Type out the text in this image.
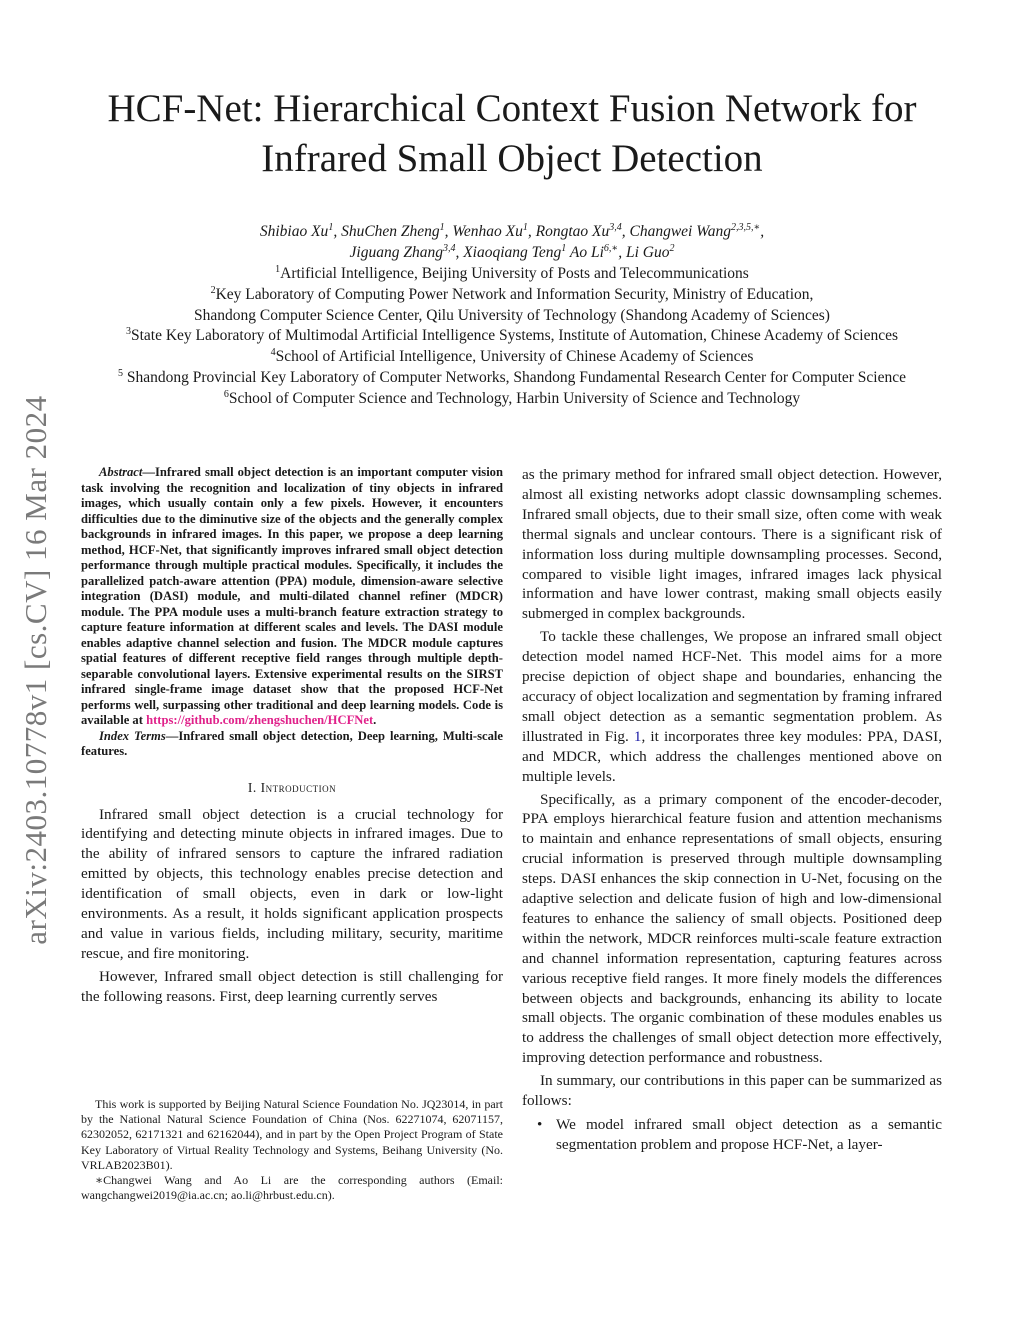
arXiv:2403.10778v1 [cs.CV] 16 Mar 2024
HCF-Net: Hierarchical Context Fusion Network for
Infrared Small Object Detection
Shibiao Xu$^1$, ShuChen Zheng$^1$, Wenhao Xu$^1$, Rongtao Xu$^{3,4}$, Changwei Wang$^{2,3,5,∗}$,
Jiguang Zhang$^{3,4}$, Xiaoqiang Teng$^1$ Ao $Li^{6,∗}$, Li Guo$^2$
$^1$Artificial Intelligence, Beijing University of Posts and Telecommunications
$^2$Key Laboratory of Computing Power Network and Information Security, Ministry of Education,
Shandong Computer Science Center, Qilu University of Technology (Shandong Academy of Sciences)
$^3$State Key Laboratory of Multimodal Artificial Intelligence Systems, Institute of Automation, Chinese Academy of Sciences
$^4$School of Artificial Intelligence, University of Chinese Academy of Sciences
$^5$ Shandong Provincial Key Laboratory of Computer Networks, Shandong Fundamental Research Center for Computer Science
$^6$School of Computer Science and Technology, Harbin University of Science and Technology
Abstract—Infrared small object detection is an important computer vision task involving the recognition and localization of tiny objects in infrared images, which usually contain only a few pixels. However, it encounters difficulties due to the diminutive size of the objects and the generally complex backgrounds in infrared images. In this paper, we propose a deep learning method, HCF-Net, that significantly improves infrared small object detection performance through multiple practical modules. Specifically, it includes the parallelized patch-aware attention (PPA) module, dimension-aware selective integration (DASI) module, and multi-dilated channel refiner (MDCR) module. The PPA module uses a multi-branch feature extraction strategy to capture feature information at different scales and levels. The DASI module enables adaptive channel selection and fusion. The MDCR module captures spatial features of different receptive field ranges through multiple depth-separable convolutional layers. Extensive experimental results on the SIRST infrared single-frame image dataset show that the proposed HCF-Net performs well, surpassing other traditional and deep learning models. Code is available at https://github.com/zhengshuchen/HCFNet.
Index Terms—Infrared small object detection, Deep learning, Multi-scale features.
I. Introduction

Infrared small object detection is a crucial technology for identifying and detecting minute objects in infrared images. Due to the ability of infrared sensors to capture the infrared radiation emitted by objects, this technology enables precise detection and identification of small objects, even in dark or low-light environments. As a result, it holds significant application prospects and value in various fields, including military, security, maritime rescue, and fire monitoring.

However, Infrared small object detection is still challenging for the following reasons. First, deep learning currently serves

This work is supported by Beijing Natural Science Foundation No. JQ23014, in part by the National Natural Science Foundation of China (Nos. 62271074, 62071157, 62302052, 62171321 and 62162044), and in part by the Open Project Program of State Key Laboratory of Virtual Reality Technology and Systems, Beihang University (No. VRLAB2023B01).

∗Changwei Wang and Ao Li are the corresponding authors (Email: wangchangwei2019@ia.ac.cn; ao.li@hrbust.edu.cn).

as the primary method for infrared small object detection. However, almost all existing networks adopt classic downsampling schemes. Infrared small objects, due to their small size, often come with weak thermal signals and unclear contours. There is a significant risk of information loss during multiple downsampling processes. Second, compared to visible light images, infrared images lack physical information and have lower contrast, making small objects easily submerged in complex backgrounds.

To tackle these challenges, We propose an infrared small object detection model named HCF-Net. This model aims for a more precise depiction of object shape and boundaries, enhancing the accuracy of object localization and segmentation by framing infrared small object detection as a semantic segmentation problem. As illustrated in Fig. 1, it incorporates three key modules: PPA, DASI, and MDCR, which address the challenges mentioned above on multiple levels.

Specifically, as a primary component of the encoder-decoder, PPA employs hierarchical feature fusion and attention mechanisms to maintain and enhance representations of small objects, ensuring crucial information is preserved through multiple downsampling steps. DASI enhances the skip connection in U-Net, focusing on the adaptive selection and delicate fusion of high and low-dimensional features to enhance the saliency of small objects. Positioned deep within the network, MDCR reinforces multi-scale feature extraction and channel information representation, capturing features across various receptive field ranges. It more finely models the differences between objects and backgrounds, enhancing its ability to locate small objects. The organic combination of these modules enables us to address the challenges of small object detection more effectively, improving detection performance and robustness.

In summary, our contributions in this paper can be summarized as follows:

• We model infrared small object detection as a semantic segmentation problem and propose HCF-Net, a layer-
